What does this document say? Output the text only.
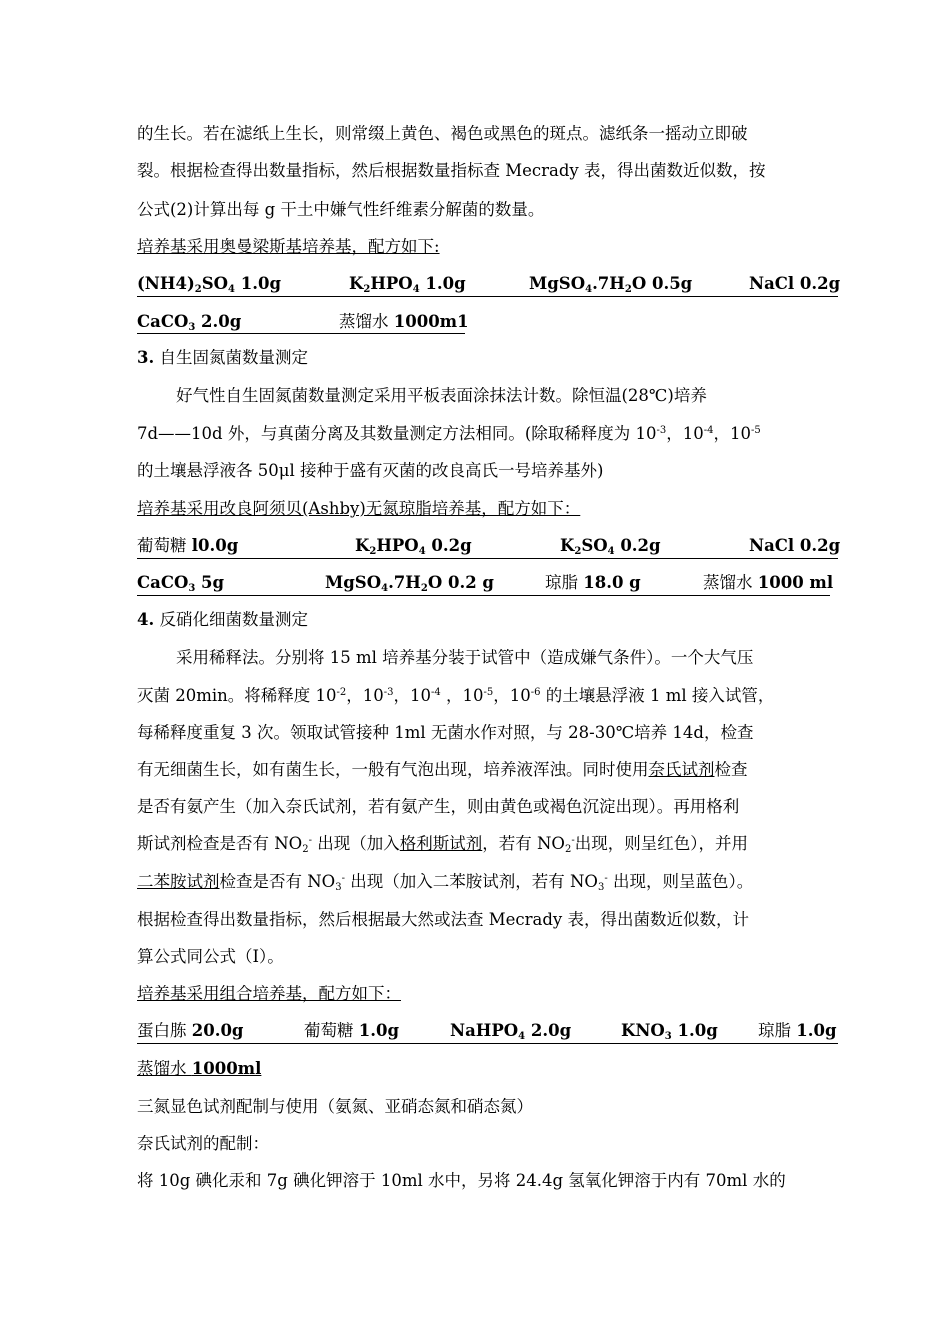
的生长。若在滤纸上生长，则常缀上黄色、褐色或黑色的斑点。滤纸条一摇动立即破
裂。根据检查得出数量指标，然后根据数量指标查 Mecrady 表，得出菌数近似数，按
公式(2)计算出每 g 干土中嫌气性纤维素分解菌的数量。
培养基采用奥曼梁斯基培养基，配方如下:
$(NH4)_2SO_4$ 1.0g	$K_2HPO_4$ 1.0g	$MgSO_4.7H_2O$ 0.5g	NaCl 0.2g
CaCO$_3$ 2.0g	蒸馏水 1000m1
3. 自生固氮菌数量测定
好气性自生固氮菌数量测定采用平板表面涂抹法计数。除恒温(28℃)培养
7d——10d 外，与真菌分离及其数量测定方法相同。(除取稀释度为 $10^{-3}$，$10^{-4}$，$10^{-5}$
的土壤悬浮液各 50μl 接种于盛有灭菌的改良高氏一号培养基外)
培养基采用改良阿须贝(Ashby)无氮琼脂培养基，配方如下：
葡萄糖 l0.0g	$K_2HPO_4$ 0.2g	$K_2SO_4$ 0.2g	NaCl 0.2g
CaCO$_3$ 5g	$MgSO_4.7H_2O$ 0.2 g	琼脂 18.0 g	蒸馏水 1000 ml
4. 反硝化细菌数量测定
采用稀释法。分别将 15 ml 培养基分装于试管中（造成嫌气条件）。一个大气压
灭菌 20min。将稀释度 $10^{-2}$，$10^{-3}$，$10^{-4}$ ，$10^{-5}$，$10^{-6}$ 的土壤悬浮液 1 ml 接入试管，
每稀释度重复 3 次。领取试管接种 1ml 无菌水作对照，与 28-30℃培养 14d，检查
有无细菌生长，如有菌生长，一般有气泡出现，培养液浑浊。同时使用奈氏试剂检查
是否有氨产生（加入奈氏试剂，若有氨产生，则由黄色或褐色沉淀出现）。再用格利
斯试剂检查是否有 $NO_2^-$ 出现（加入格利斯试剂，若有 $NO_2^-$出现，则呈红色），并用
二苯胺试剂检查是否有 $NO_3^-$ 出现（加入二苯胺试剂，若有 $NO_3^-$ 出现，则呈蓝色）。
根据检查得出数量指标，然后根据最大然或法查 Mecrady 表，得出菌数近似数，计
算公式同公式（Ⅰ）。
培养基采用组合培养基，配方如下：
蛋白胨 20.0g	葡萄糖 1.0g	NaHPO$_4$ 2.0g	$KNO_3$ 1.0g 琼脂 1.0g
蒸馏水 1000ml
三氮显色试剂配制与使用（氨氮、亚硝态氮和硝态氮）
奈氏试剂的配制：
将 10g 碘化汞和 7g 碘化钾溶于 10ml 水中，另将 24.4g 氢氧化钾溶于内有 70ml 水的
